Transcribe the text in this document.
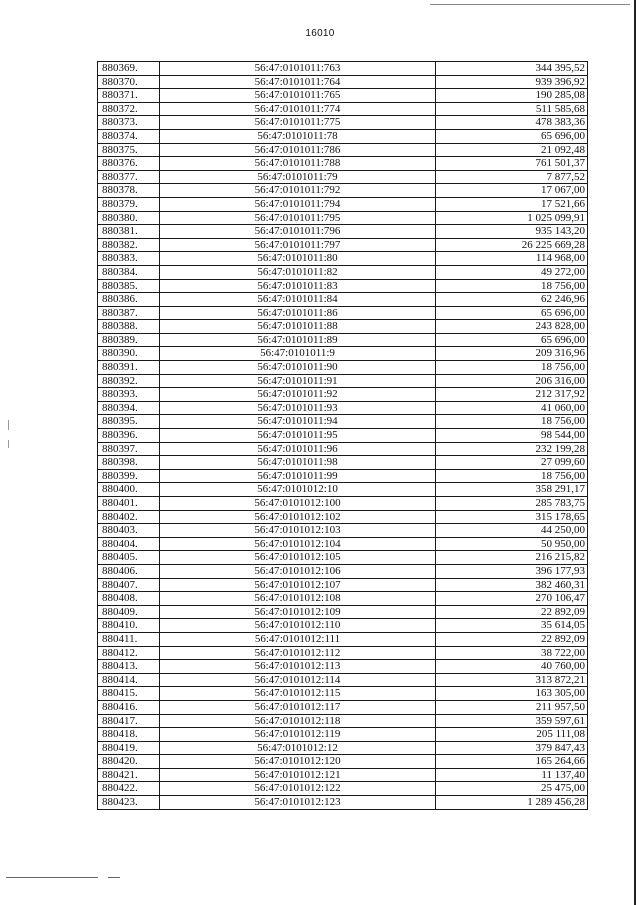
16010
880369.	56:47:0101011:763	344 395,52
880370.	56:47:0101011:764	939 396,92
880371.	56:47:0101011:765	190 285,08
880372.	56:47:0101011:774	511 585,68
880373.	56:47:0101011:775	478 383,36
880374.	56:47:0101011:78	65 696,00
880375.	56:47:0101011:786	21 092,48
880376.	56:47:0101011:788	761 501,37
880377.	56:47:0101011:79	7 877,52
880378.	56:47:0101011:792	17 067,00
880379.	56:47:0101011:794	17 521,66
880380.	56:47:0101011:795	1 025 099,91
880381.	56:47:0101011:796	935 143,20
880382.	56:47:0101011:797	26 225 669,28
880383.	56:47:0101011:80	114 968,00
880384.	56:47:0101011:82	49 272,00
880385.	56:47:0101011:83	18 756,00
880386.	56:47:0101011:84	62 246,96
880387.	56:47:0101011:86	65 696,00
880388.	56:47:0101011:88	243 828,00
880389.	56:47:0101011:89	65 696,00
880390.	56:47:0101011:9	209 316,96
880391.	56:47:0101011:90	18 756,00
880392.	56:47:0101011:91	206 316,00
880393.	56:47:0101011:92	212 317,92
880394.	56:47:0101011:93	41 060,00
880395.	56:47:0101011:94	18 756,00
880396.	56:47:0101011:95	98 544,00
880397.	56:47:0101011:96	232 199,28
880398.	56:47:0101011:98	27 099,60
880399.	56:47:0101011:99	18 756,00
880400.	56:47:0101012:10	358 291,17
880401.	56:47:0101012:100	285 783,75
880402.	56:47:0101012:102	315 178,65
880403.	56:47:0101012:103	44 250,00
880404.	56:47:0101012:104	50 950,00
880405.	56:47:0101012:105	216 215,82
880406.	56:47:0101012:106	396 177,93
880407.	56:47:0101012:107	382 460,31
880408.	56:47:0101012:108	270 106,47
880409.	56:47:0101012:109	22 892,09
880410.	56:47:0101012:110	35 614,05
880411.	56:47:0101012:111	22 892,09
880412.	56:47:0101012:112	38 722,00
880413.	56:47:0101012:113	40 760,00
880414.	56:47:0101012:114	313 872,21
880415.	56:47:0101012:115	163 305,00
880416.	56:47:0101012:117	211 957,50
880417.	56:47:0101012:118	359 597,61
880418.	56:47:0101012:119	205 111,08
880419.	56:47:0101012:12	379 847,43
880420.	56:47:0101012:120	165 264,66
880421.	56:47:0101012:121	11 137,40
880422.	56:47:0101012:122	25 475,00
880423.	56:47:0101012:123	1 289 456,28
